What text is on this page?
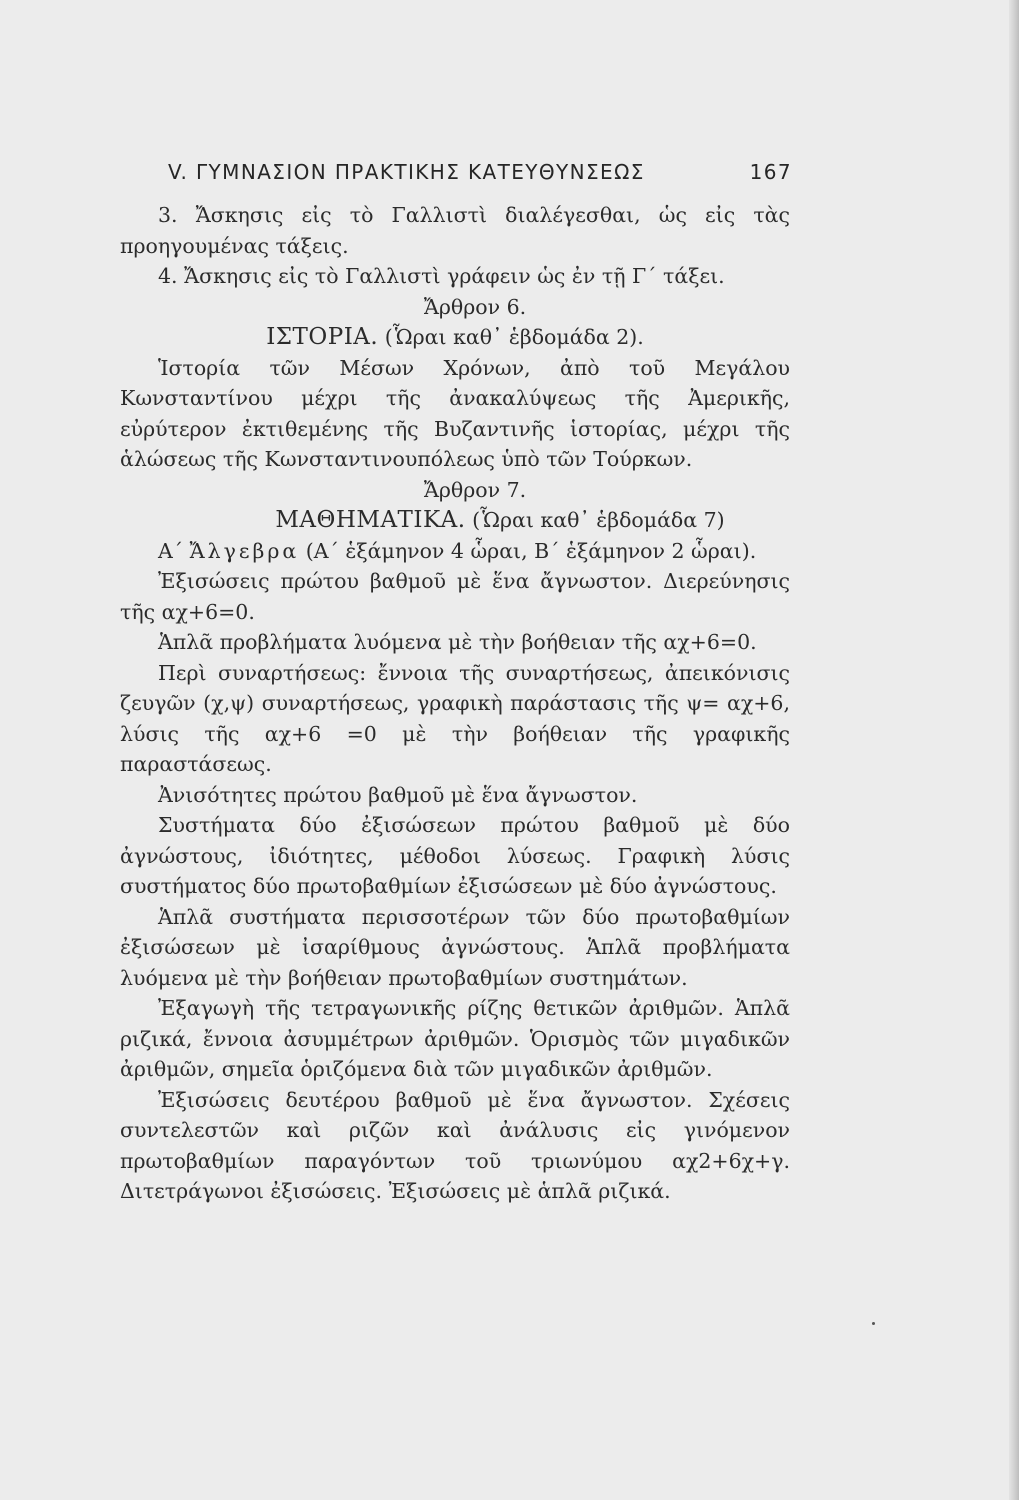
V. ΓΥΜΝΑΣΙΟΝ ΠΡΑΚΤΙΚΗΣ ΚΑΤΕΥΘΥΝΣΕΩΣ	167

3. Ἄσκησις εἰς τὸ Γαλλιστὶ διαλέγεσθαι, ὡς εἰς τὰς προηγουμένας τάξεις.

4. Ἄσκησις εἰς τὸ Γαλλιστὶ γράφειν ὡς ἐν τῇ Γ΄ τάξει.

Ἄρθρον 6.

ΙΣΤΟΡΙΑ. (Ὧραι καθ᾽ ἑβδομάδα 2).

Ἱστορία τῶν Μέσων Χρόνων, ἀπὸ τοῦ Μεγάλου Κωνσταντίνου μέχρι τῆς ἀνακαλύψεως τῆς Ἀμερικῆς, εὐρύτερον ἐκτιθεμένης τῆς Βυζαντινῆς ἱστορίας, μέχρι τῆς ἁλώσεως τῆς Κωνσταντινουπόλεως ὑπὸ τῶν Τούρκων.

Ἄρθρον 7.

ΜΑΘΗΜΑΤΙΚΑ. (Ὧραι καθ᾽ ἑβδομάδα 7)

Α΄ Ἄλγεβρα (Α΄ ἑξάμηνον 4 ὧραι, Β΄ ἑξάμηνον 2 ὧραι).

Ἐξισώσεις πρώτου βαθμοῦ μὲ ἕνα ἄγνωστον. Διερεύνησις τῆς αχ+6=0.

Ἁπλᾶ προβλήματα λυόμενα μὲ τὴν βοήθειαν τῆς αχ+6=0.

Περὶ συναρτήσεως: ἔννοια τῆς συναρτήσεως, ἀπεικόνισις ζευγῶν (χ,ψ) συναρτήσεως, γραφικὴ παράστασις τῆς ψ= αχ+6, λύσις τῆς αχ+6 =0 μὲ τὴν βοήθειαν τῆς γραφικῆς παραστάσεως.

Ἀνισότητες πρώτου βαθμοῦ μὲ ἕνα ἄγνωστον.

Συστήματα δύο ἐξισώσεων πρώτου βαθμοῦ μὲ δύο ἀγνώστους, ἰδιότητες, μέθοδοι λύσεως. Γραφικὴ λύσις συστήματος δύο πρωτοβαθμίων ἐξισώσεων μὲ δύο ἀγνώστους.

Ἁπλᾶ συστήματα περισσοτέρων τῶν δύο πρωτοβαθμίων ἐξισώσεων μὲ ἰσαρίθμους ἀγνώστους. Ἁπλᾶ προβλήματα λυόμενα μὲ τὴν βοήθειαν πρωτοβαθμίων συστημάτων.

Ἐξαγωγὴ τῆς τετραγωνικῆς ρίζης θετικῶν ἀριθμῶν. Ἁπλᾶ ριζικά, ἔννοια ἀσυμμέτρων ἀριθμῶν. Ὁρισμὸς τῶν μιγαδικῶν ἀριθμῶν, σημεῖα ὁριζόμενα διὰ τῶν μιγαδικῶν ἀριθμῶν.

Ἐξισώσεις δευτέρου βαθμοῦ μὲ ἕνα ἄγνωστον. Σχέσεις συντελεστῶν καὶ ριζῶν καὶ ἀνάλυσις εἰς γινόμενον πρωτοβαθμίων παραγόντων τοῦ τριωνύμου αχ2+6χ+γ. Διτετράγωνοι ἐξισώσεις. Ἐξισώσεις μὲ ἁπλᾶ ριζικά.
